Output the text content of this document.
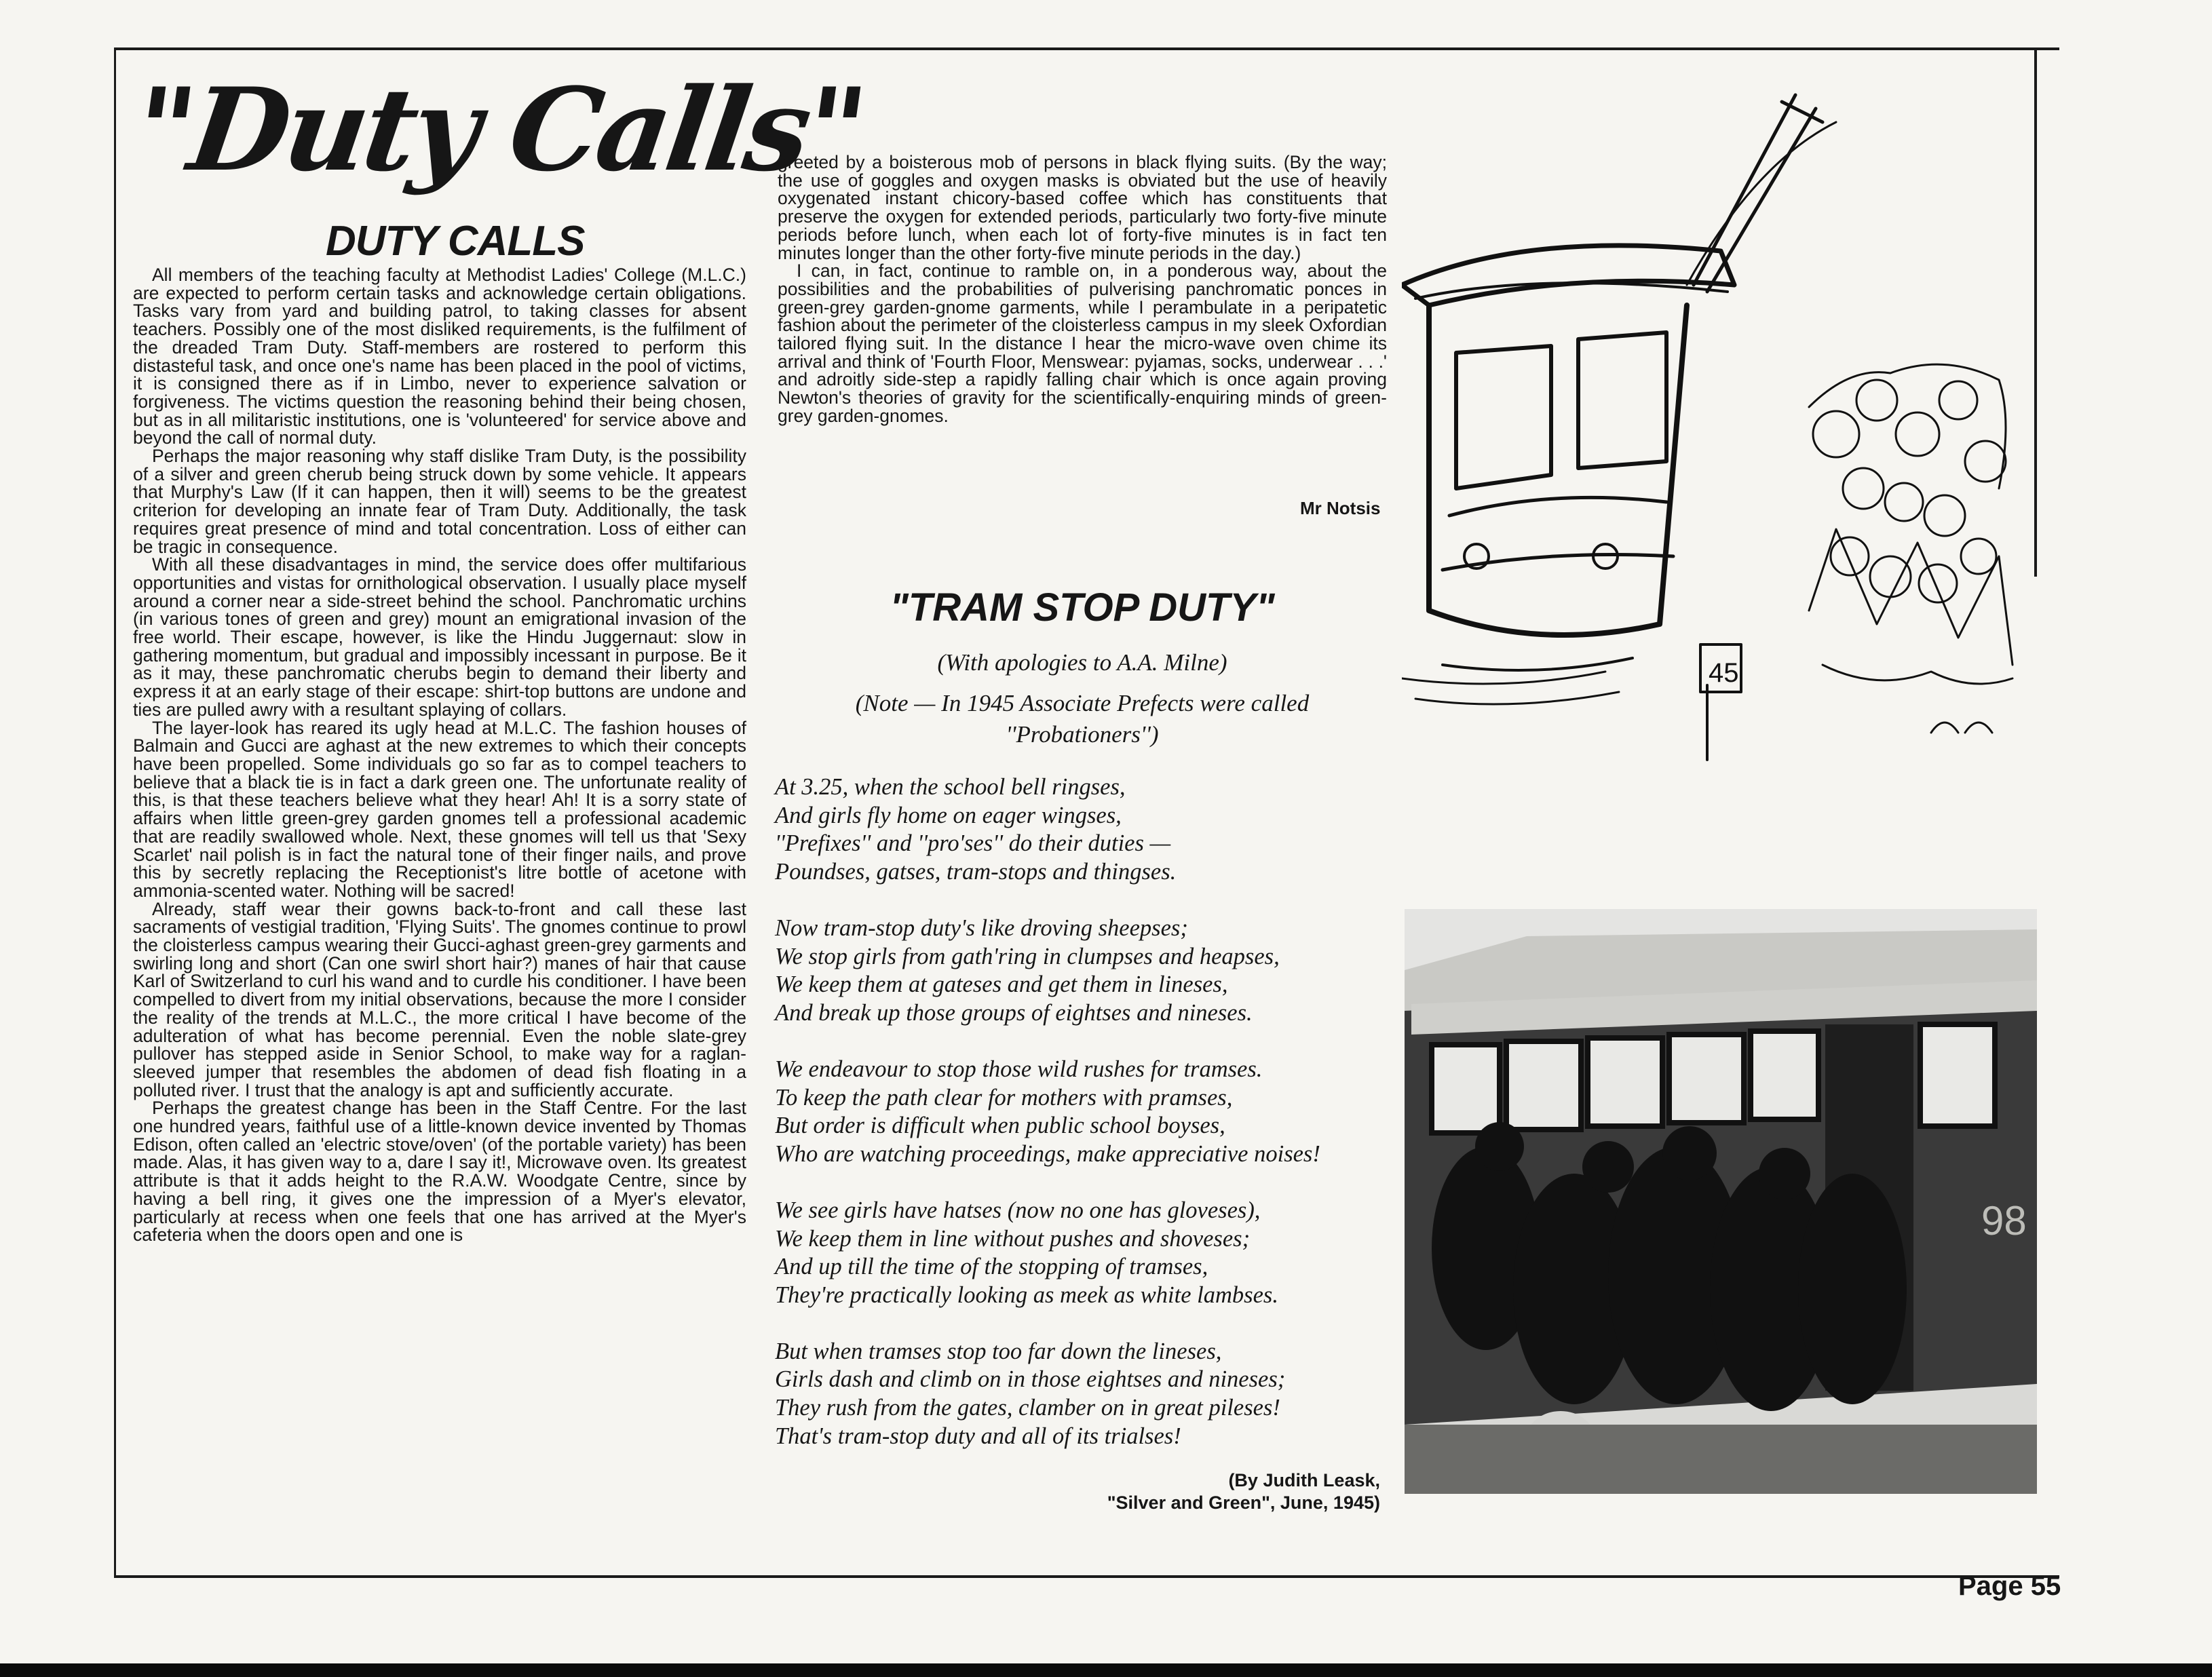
"Duty Calls"
DUTY CALLS

All members of the teaching faculty at Methodist Ladies' College (M.L.C.) are expected to perform certain tasks and acknowledge certain obligations. Tasks vary from yard and building patrol, to taking classes for absent teachers. Possibly one of the most disliked requirements, is the fulfilment of the dreaded Tram Duty. Staff-members are rostered to perform this distasteful task, and once one's name has been placed in the pool of victims, it is consigned there as if in Limbo, never to experience salvation or forgiveness. The victims question the reasoning behind their being chosen, but as in all militaristic institutions, one is 'volunteered' for service above and beyond the call of normal duty.

Perhaps the major reasoning why staff dislike Tram Duty, is the possibility of a silver and green cherub being struck down by some vehicle. It appears that Murphy's Law (If it can happen, then it will) seems to be the greatest criterion for developing an innate fear of Tram Duty. Additionally, the task requires great presence of mind and total concentration. Loss of either can be tragic in consequence.

With all these disadvantages in mind, the service does offer multifarious opportunities and vistas for ornithological observation. I usually place myself around a corner near a side-street behind the school. Panchromatic urchins (in various tones of green and grey) mount an emigrational invasion of the free world. Their escape, however, is like the Hindu Juggernaut: slow in gathering momentum, but gradual and impossibly incessant in purpose. Be it as it may, these panchromatic cherubs begin to demand their liberty and express it at an early stage of their escape: shirt-top buttons are undone and ties are pulled awry with a resultant splaying of collars.

The layer-look has reared its ugly head at M.L.C. The fashion houses of Balmain and Gucci are aghast at the new extremes to which their concepts have been propelled. Some individuals go so far as to compel teachers to believe that a black tie is in fact a dark green one. The unfortunate reality of this, is that these teachers believe what they hear! Ah! It is a sorry state of affairs when little green-grey garden gnomes tell a professional academic that are readily swallowed whole. Next, these gnomes will tell us that 'Sexy Scarlet' nail polish is in fact the natural tone of their finger nails, and prove this by secretly replacing the Receptionist's litre bottle of acetone with ammonia-scented water. Nothing will be sacred!

Already, staff wear their gowns back-to-front and call these last sacraments of vestigial tradition, 'Flying Suits'. The gnomes continue to prowl the cloisterless campus wearing their Gucci-aghast green-grey garments and swirling long and short (Can one swirl short hair?) manes of hair that cause Karl of Switzerland to curl his wand and to curdle his conditioner. I have been compelled to divert from my initial observations, because the more I consider the reality of the trends at M.L.C., the more critical I have become of the adulteration of what has become perennial. Even the noble slate-grey pullover has stepped aside in Senior School, to make way for a raglan-sleeved jumper that resembles the abdomen of dead fish floating in a polluted river. I trust that the analogy is apt and sufficiently accurate.

Perhaps the greatest change has been in the Staff Centre. For the last one hundred years, faithful use of a little-known device invented by Thomas Edison, often called an 'electric stove/oven' (of the portable variety) has been made. Alas, it has given way to a, dare I say it!, Microwave oven. Its greatest attribute is that it adds height to the R.A.W. Woodgate Centre, since by having a bell ring, it gives one the impression of a Myer's elevator, particularly at recess when one feels that one has arrived at the Myer's cafeteria when the doors open and one is

greeted by a boisterous mob of persons in black flying suits. (By the way; the use of goggles and oxygen masks is obviated but the use of heavily oxygenated instant chicory-based coffee which has constituents that preserve the oxygen for extended periods, particularly two forty-five minute periods before lunch, when each lot of forty-five minutes is in fact ten minutes longer than the other forty-five minute periods in the day.)

I can, in fact, continue to ramble on, in a ponderous way, about the possibilities and the probabilities of pulverising panchromatic ponces in green-grey garden-gnome garments, while I perambulate in a peripatetic fashion about the perimeter of the cloisterless campus in my sleek Oxfordian tailored flying suit. In the distance I hear the micro-wave oven chime its arrival and think of 'Fourth Floor, Menswear: pyjamas, socks, underwear . . .' and adroitly side-step a rapidly falling chair which is once again proving Newton's theories of gravity for the scientifically-enquiring minds of green-grey garden-gnomes.

Mr Notsis
"TRAM STOP DUTY"
(With apologies to A.A. Milne)
(Note — In 1945 Associate Prefects were called
''Probationers'')
At 3.25, when the school bell ringses,
And girls fly home on eager wingses,
''Prefixes'' and ''pro'ses'' do their duties —
Poundses, gatses, tram-stops and thingses.
Now tram-stop duty's like droving sheepses;
We stop girls from gath'ring in clumpses and heapses,
We keep them at gateses and get them in lineses,
And break up those groups of eightses and nineses.
We endeavour to stop those wild rushes for tramses.
To keep the path clear for mothers with pramses,
But order is difficult when public school boyses,
Who are watching proceedings, make appreciative noises!
We see girls have hatses (now no one has gloveses),
We keep them in line without pushes and shoveses;
And up till the time of the stopping of tramses,
They're practically looking as meek as white lambses.
But when tramses stop too far down the lineses,
Girls dash and climb on in those eightses and nineses;
They rush from the gates, clamber on in great pileses!
That's tram-stop duty and all of its trialses!
(By Judith Leask,
"Silver and Green", June, 1945)
45
98
Page 55
